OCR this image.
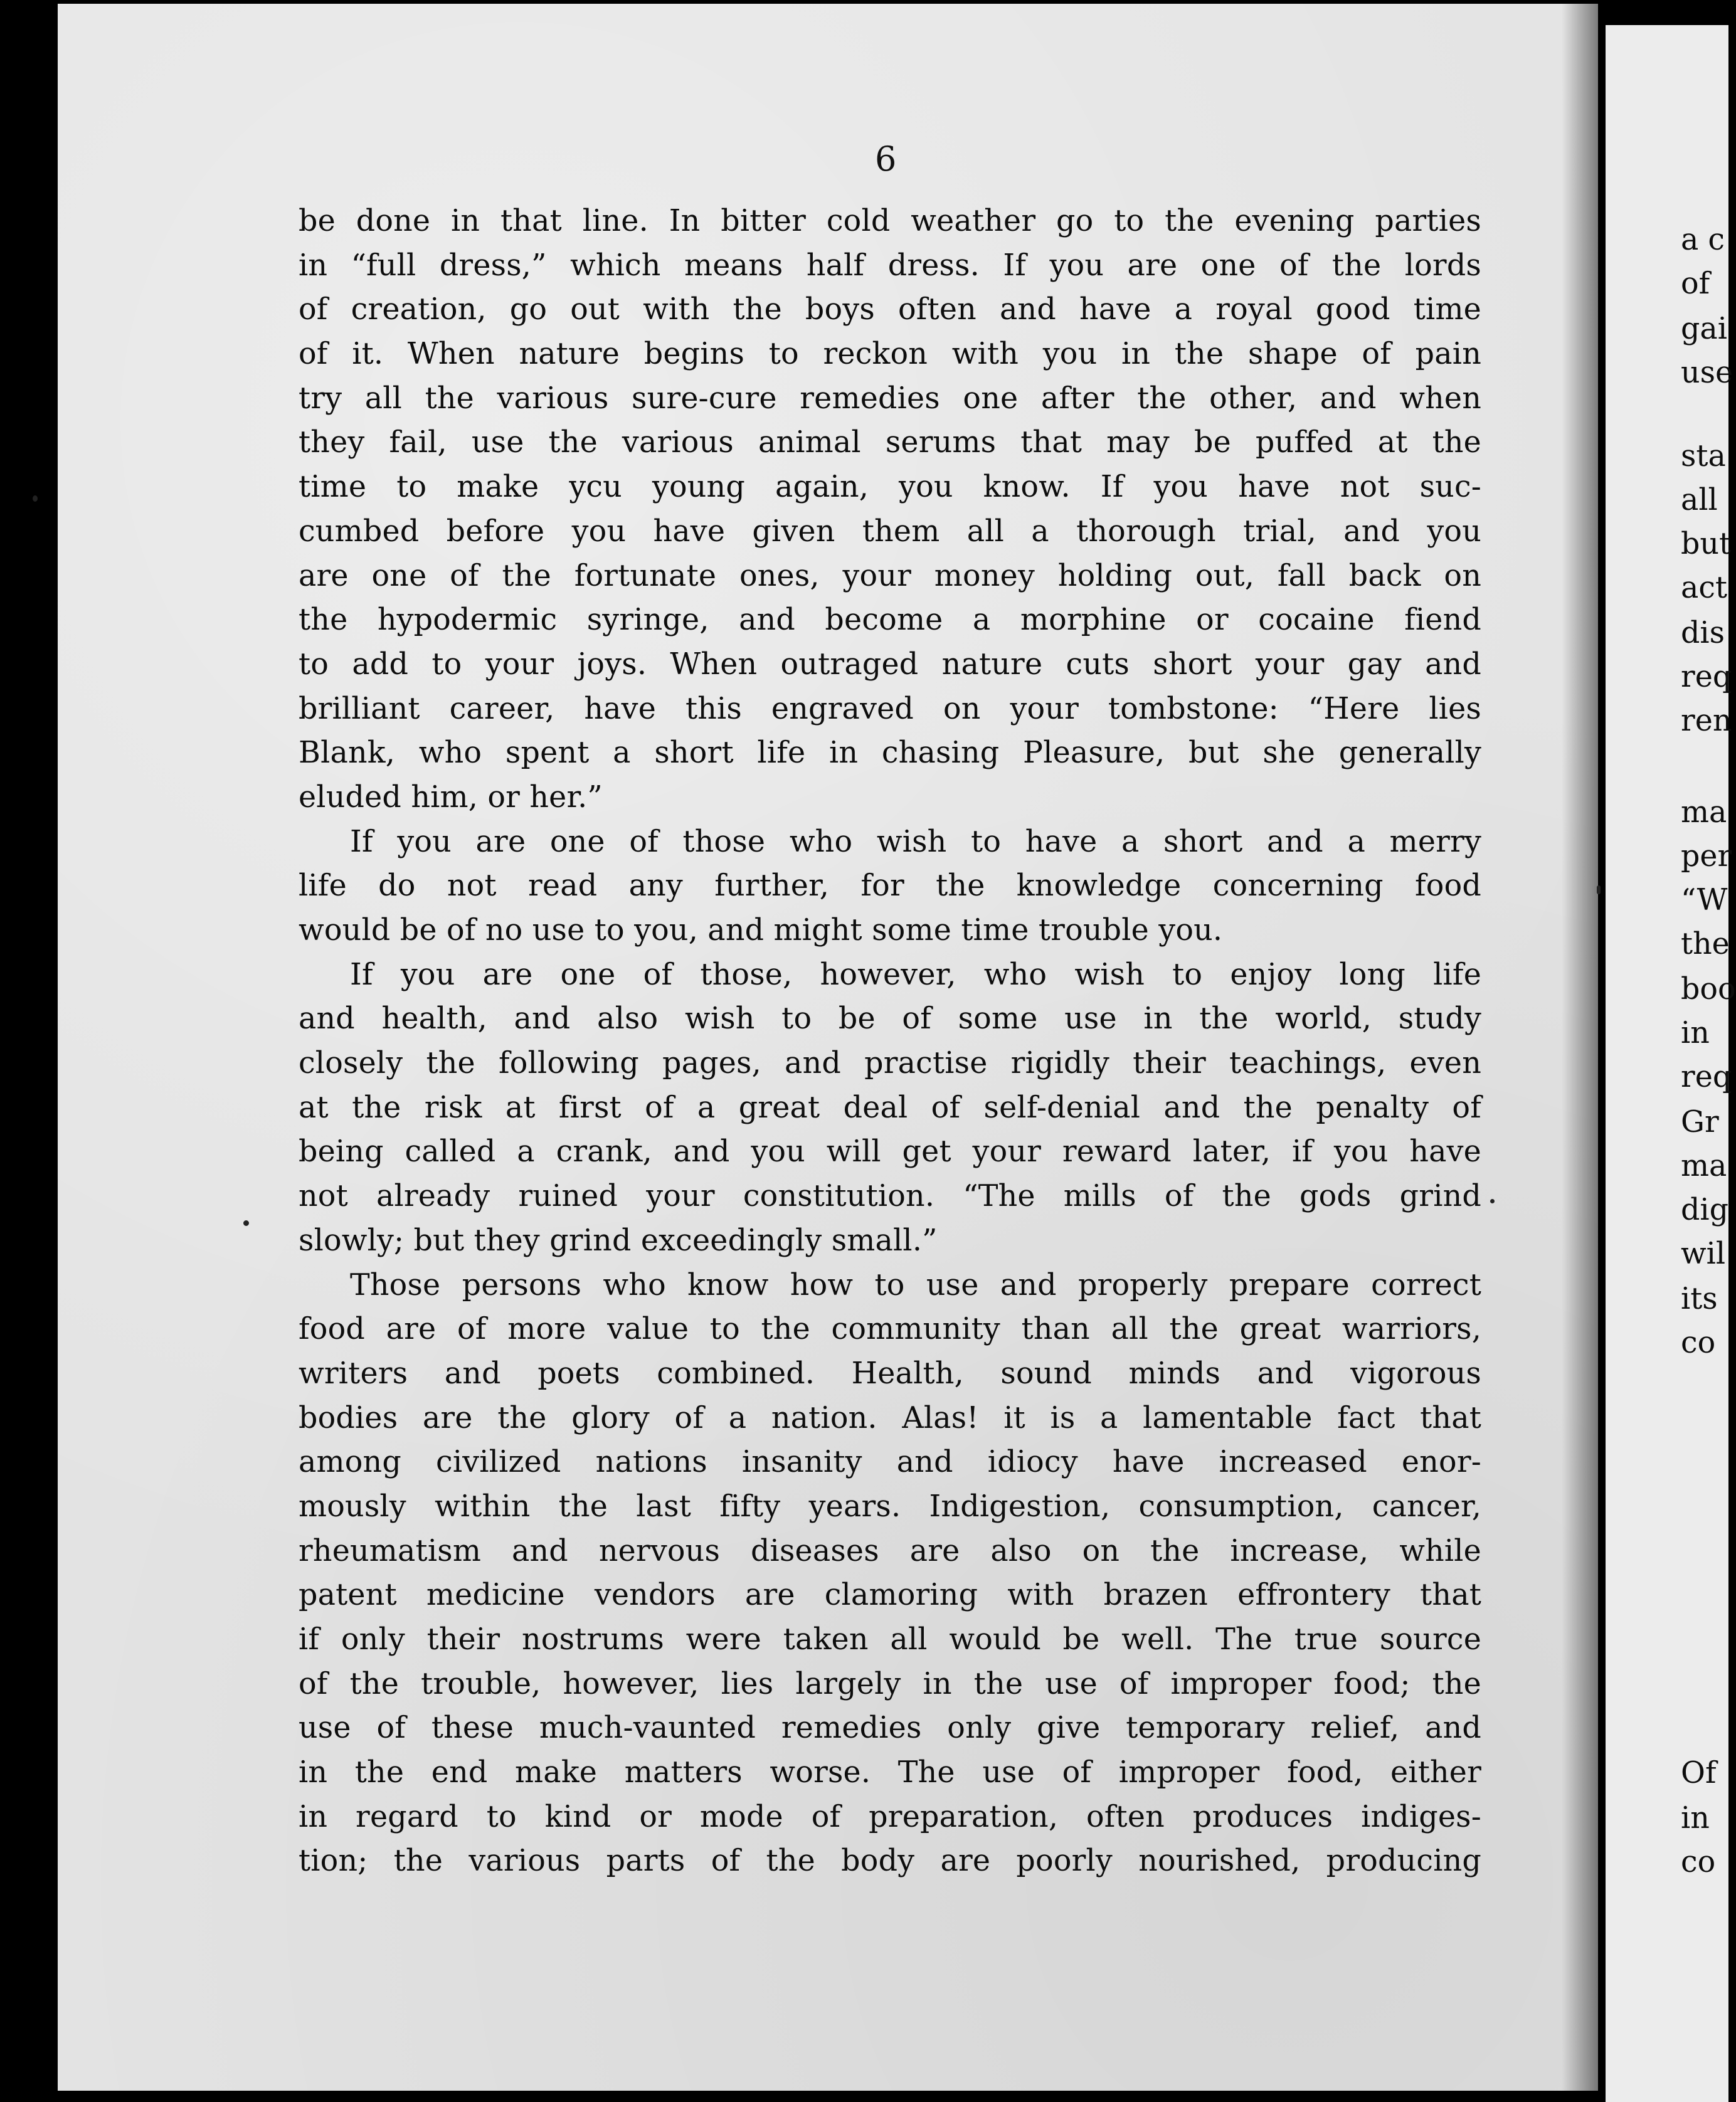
6
be done in that line. In bitter cold weather go to the evening parties
in “full dress,” which means half dress. If you are one of the lords
of creation, go out with the boys often and have a royal good time
of it. When nature begins to reckon with you in the shape of pain
try all the various sure-cure remedies one after the other, and when
they fail, use the various animal serums that may be puffed at the
time to make ycu young again, you know. If you have not suc-
cumbed before you have given them all a thorough trial, and you
are one of the fortunate ones, your money holding out, fall back on
the hypodermic syringe, and become a morphine or cocaine fiend
to add to your joys. When outraged nature cuts short your gay and
brilliant career, have this engraved on your tombstone: “Here lies
Blank, who spent a short life in chasing Pleasure, but she generally
eluded him, or her.”
If you are one of those who wish to have a short and a merry
life do not read any further, for the knowledge concerning food
would be of no use to you, and might some time trouble you.
If you are one of those, however, who wish to enjoy long life
and health, and also wish to be of some use in the world, study
closely the following pages, and practise rigidly their teachings, even
at the risk at first of a great deal of self-denial and the penalty of
being called a crank, and you will get your reward later, if you have
not already ruined your constitution. “The mills of the gods grind
slowly; but they grind exceedingly small.”
Those persons who know how to use and properly prepare correct
food are of more value to the community than all the great warriors,
writers and poets combined. Health, sound minds and vigorous
bodies are the glory of a nation. Alas! it is a lamentable fact that
among civilized nations insanity and idiocy have increased enor-
mously within the last fifty years. Indigestion, consumption, cancer,
rheumatism and nervous diseases are also on the increase, while
patent medicine vendors are clamoring with brazen effrontery that
if only their nostrums were taken all would be well. The true source
of the trouble, however, lies largely in the use of improper food; the
use of these much-vaunted remedies only give temporary relief, and
in the end make matters worse. The use of improper food, either
in regard to kind or mode of preparation, often produces indiges-
tion; the various parts of the body are poorly nourished, producing
a c
of
gai
use
sta
all
but
act
dis
req
ren
ma
per
“W
the
boo
in
req
Gr
ma
dig
wil
its
co
Of
in
co
